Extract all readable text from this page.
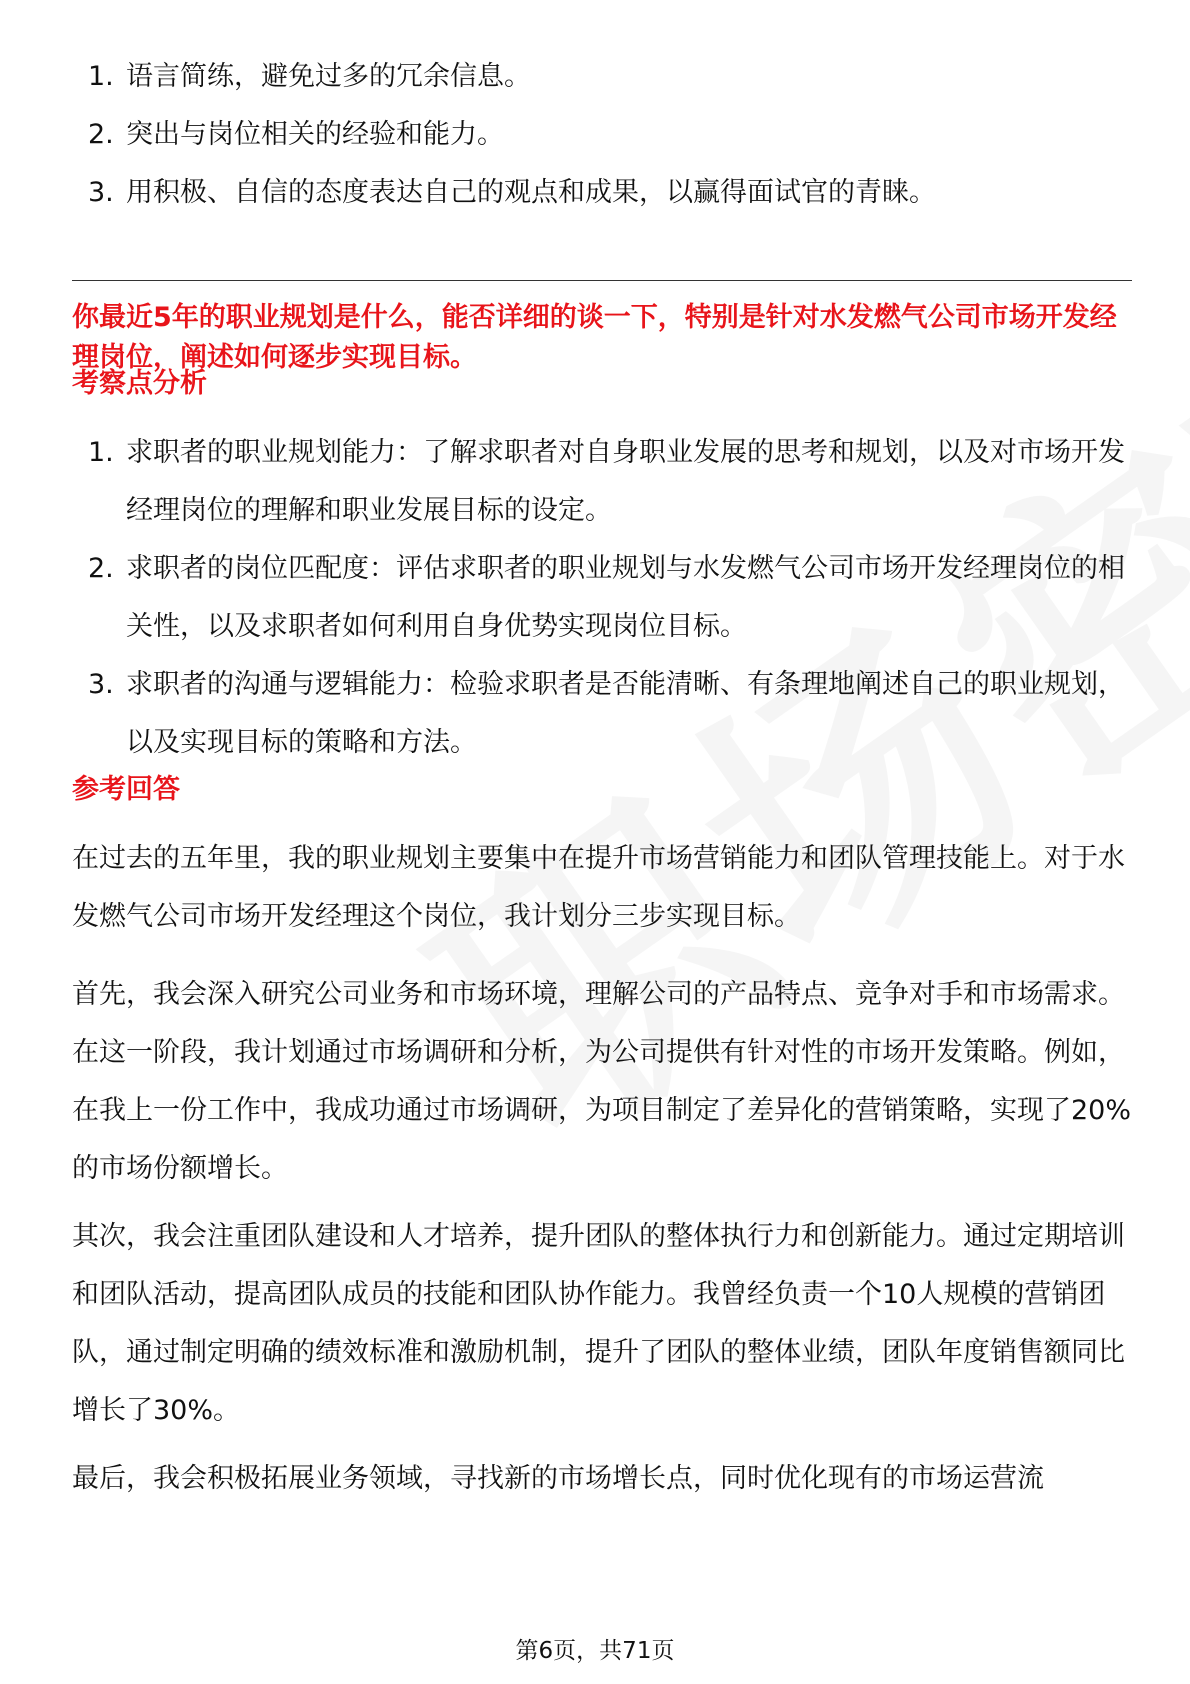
1. 语言简练，避免过多的冗余信息。
2. 突出与岗位相关的经验和能力。
3. 用积极、自信的态度表达自己的观点和成果，以赢得面试官的青睐。

你最近5年的职业规划是什么，能否详细的谈一下，特别是针对水发燃气公司市场开发经理岗位，阐述如何逐步实现目标。

考察点分析
1. 求职者的职业规划能力：了解求职者对自身职业发展的思考和规划，以及对市场开发经理岗位的理解和职业发展目标的设定。
2. 求职者的岗位匹配度：评估求职者的职业规划与水发燃气公司市场开发经理岗位的相关性，以及求职者如何利用自身优势实现岗位目标。
3. 求职者的沟通与逻辑能力：检验求职者是否能清晰、有条理地阐述自己的职业规划，以及实现目标的策略和方法。
参考回答

在过去的五年里，我的职业规划主要集中在提升市场营销能力和团队管理技能上。对于水发燃气公司市场开发经理这个岗位，我计划分三步实现目标。

首先，我会深入研究公司业务和市场环境，理解公司的产品特点、竞争对手和市场需求。在这一阶段，我计划通过市场调研和分析，为公司提供有针对性的市场开发策略。例如，在我上一份工作中，我成功通过市场调研，为项目制定了差异化的营销策略，实现了20%的市场份额增长。

其次，我会注重团队建设和人才培养，提升团队的整体执行力和创新能力。通过定期培训和团队活动，提高团队成员的技能和团队协作能力。我曾经负责一个10人规模的营销团队，通过制定明确的绩效标准和激励机制，提升了团队的整体业绩，团队年度销售额同比增长了30%。

最后，我会积极拓展业务领域，寻找新的市场增长点，同时优化现有的市场运营流

第6页，共71页
